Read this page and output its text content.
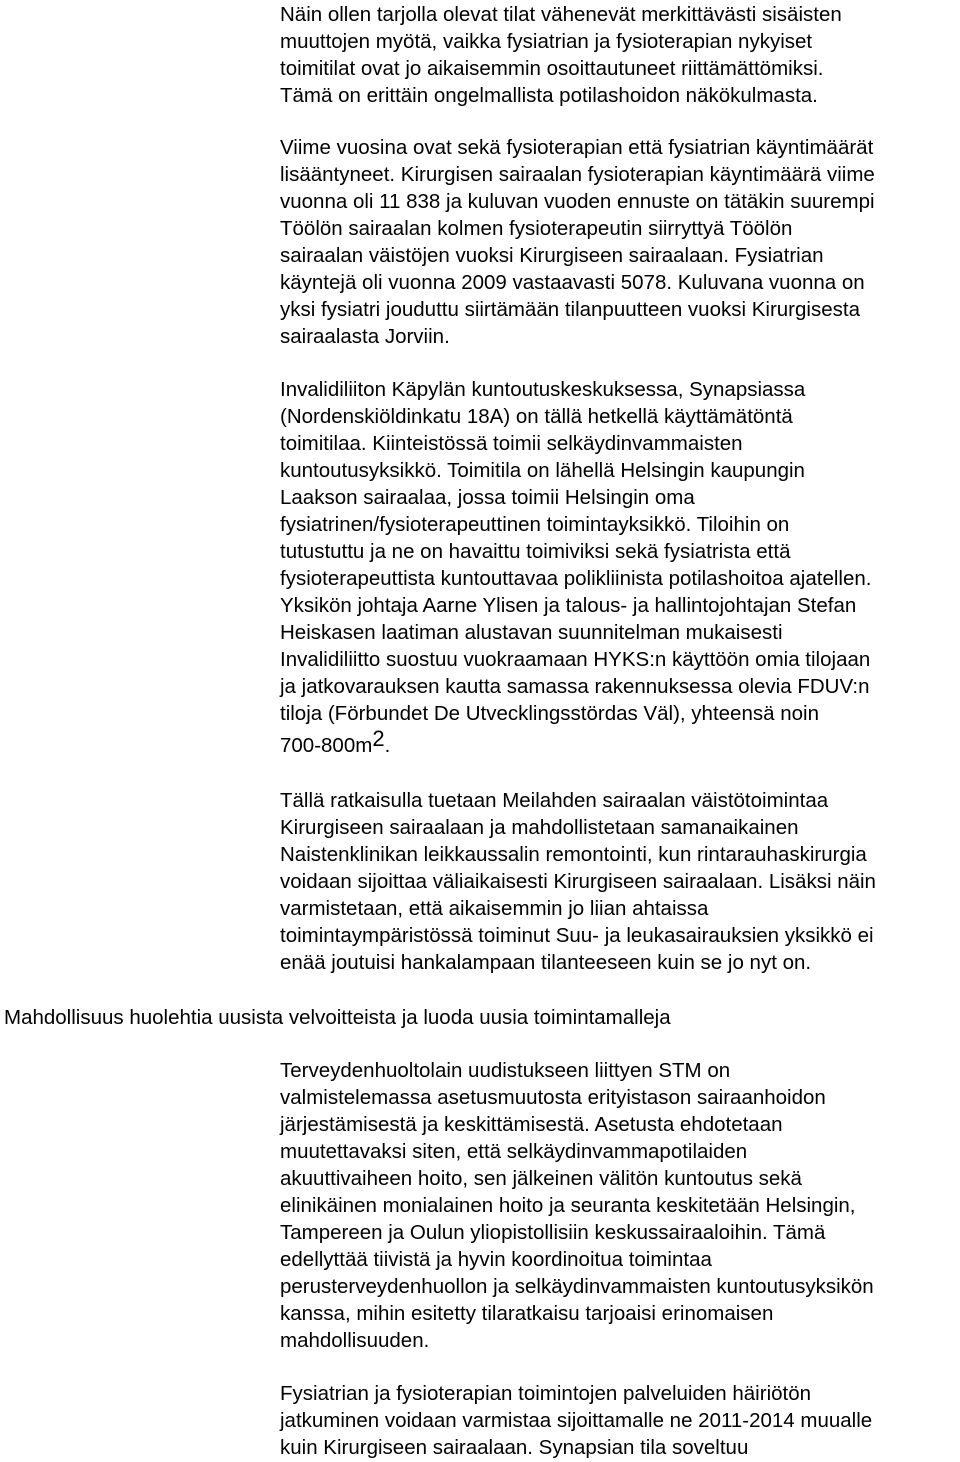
Näin ollen tarjolla olevat tilat vähenevät merkittävästi sisäisten
muuttojen myötä, vaikka fysiatrian ja fysioterapian nykyiset
toimitilat ovat jo aikaisemmin osoittautuneet riittämättömiksi.
Tämä on erittäin ongelmallista potilashoidon näkökulmasta.
Viime vuosina ovat sekä fysioterapian että fysiatrian käyntimäärät
lisääntyneet. Kirurgisen sairaalan fysioterapian käyntimäärä viime
vuonna oli 11 838 ja kuluvan vuoden ennuste on tätäkin suurempi
Töölön sairaalan kolmen fysioterapeutin siirryttyä Töölön
sairaalan väistöjen vuoksi Kirurgiseen sairaalaan. Fysiatrian
käyntejä oli vuonna 2009 vastaavasti 5078. Kuluvana vuonna on
yksi fysiatri jouduttu siirtämään tilanpuutteen vuoksi Kirurgisesta
sairaalasta Jorviin.
Invalidiliiton Käpylän kuntoutuskeskuksessa, Synapsiassa
(Nordenskiöldinkatu 18A) on tällä hetkellä käyttämätöntä
toimitilaa. Kiinteistössä toimii selkäydinvammaisten
kuntoutusyksikkö. Toimitila on lähellä Helsingin kaupungin
Laakson sairaalaa, jossa toimii Helsingin oma
fysiatrinen/fysioterapeuttinen toimintayksikkö. Tiloihin on
tutustuttu ja ne on havaittu toimiviksi sekä fysiatrista että
fysioterapeuttista kuntouttavaa polikliinista potilashoitoa ajatellen.
Yksikön johtaja Aarne Ylisen ja talous- ja hallintojohtajan Stefan
Heiskasen laatiman alustavan suunnitelman mukaisesti
Invalidiliitto suostuu vuokraamaan HYKS:n käyttöön omia tilojaan
ja jatkovarauksen kautta samassa rakennuksessa olevia FDUV:n
tiloja (Förbundet De Utvecklingsstördas Väl), yhteensä noin
700-800m2.
Tällä ratkaisulla tuetaan Meilahden sairaalan väistötoimintaa
Kirurgiseen sairaalaan ja mahdollistetaan samanaikainen
Naistenklinikan leikkaussalin remontointi, kun rintarauhaskirurgia
voidaan sijoittaa väliaikaisesti Kirurgiseen sairaalaan. Lisäksi näin
varmistetaan, että aikaisemmin jo liian ahtaissa
toimintaympäristössä toiminut Suu- ja leukasairauksien yksikkö ei
enää joutuisi hankalampaan tilanteeseen kuin se jo nyt on.
Mahdollisuus huolehtia uusista velvoitteista ja luoda uusia toimintamalleja
Terveydenhuoltolain uudistukseen liittyen STM on
valmistelemassa asetusmuutosta erityistason sairaanhoidon
järjestämisestä ja keskittämisestä. Asetusta ehdotetaan
muutettavaksi siten, että selkäydinvammapotilaiden
akuuttivaiheen hoito, sen jälkeinen välitön kuntoutus sekä
elinikäinen monialainen hoito ja seuranta keskitetään Helsingin,
Tampereen ja Oulun yliopistollisiin keskussairaaloihin. Tämä
edellyttää tiivistä ja hyvin koordinoitua toimintaa
perusterveydenhuollon ja selkäydinvammaisten kuntoutusyksikön
kanssa, mihin esitetty tilaratkaisu tarjoaisi erinomaisen
mahdollisuuden.
Fysiatrian ja fysioterapian toimintojen palveluiden häiriötön
jatkuminen voidaan varmistaa sijoittamalle ne 2011-2014 muualle
kuin Kirurgiseen sairaalaan. Synapsian tila soveltuu
